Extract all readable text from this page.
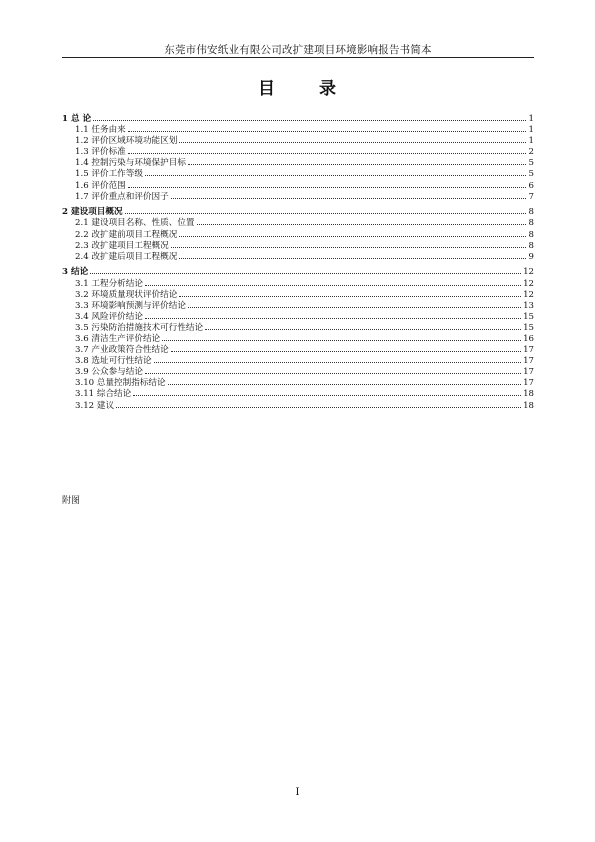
东莞市伟安纸业有限公司改扩建项目环境影响报告书简本
目 录
1 总 论	1
1.1 任务由来	1
1.2 评价区域环境功能区划	1
1.3 评价标准	2
1.4 控制污染与环境保护目标	5
1.5 评价工作等级	5
1.6 评价范围	6
1.7 评价重点和评价因子	7
2 建设项目概况	8
2.1 建设项目名称、性质、位置	8
2.2 改扩建前项目工程概况	8
2.3 改扩建项目工程概况	8
2.4 改扩建后项目工程概况	9
3 结论	12
3.1 工程分析结论	12
3.2 环境质量现状评价结论	12
3.3 环境影响预测与评价结论	13
3.4 风险评价结论	15
3.5 污染防治措施技术可行性结论	15
3.6 清洁生产评价结论	16
3.7 产业政策符合性结论	17
3.8 选址可行性结论	17
3.9 公众参与结论	17
3.10 总量控制指标结论	17
3.11 综合结论	18
3.12 建议	18
附图
I
